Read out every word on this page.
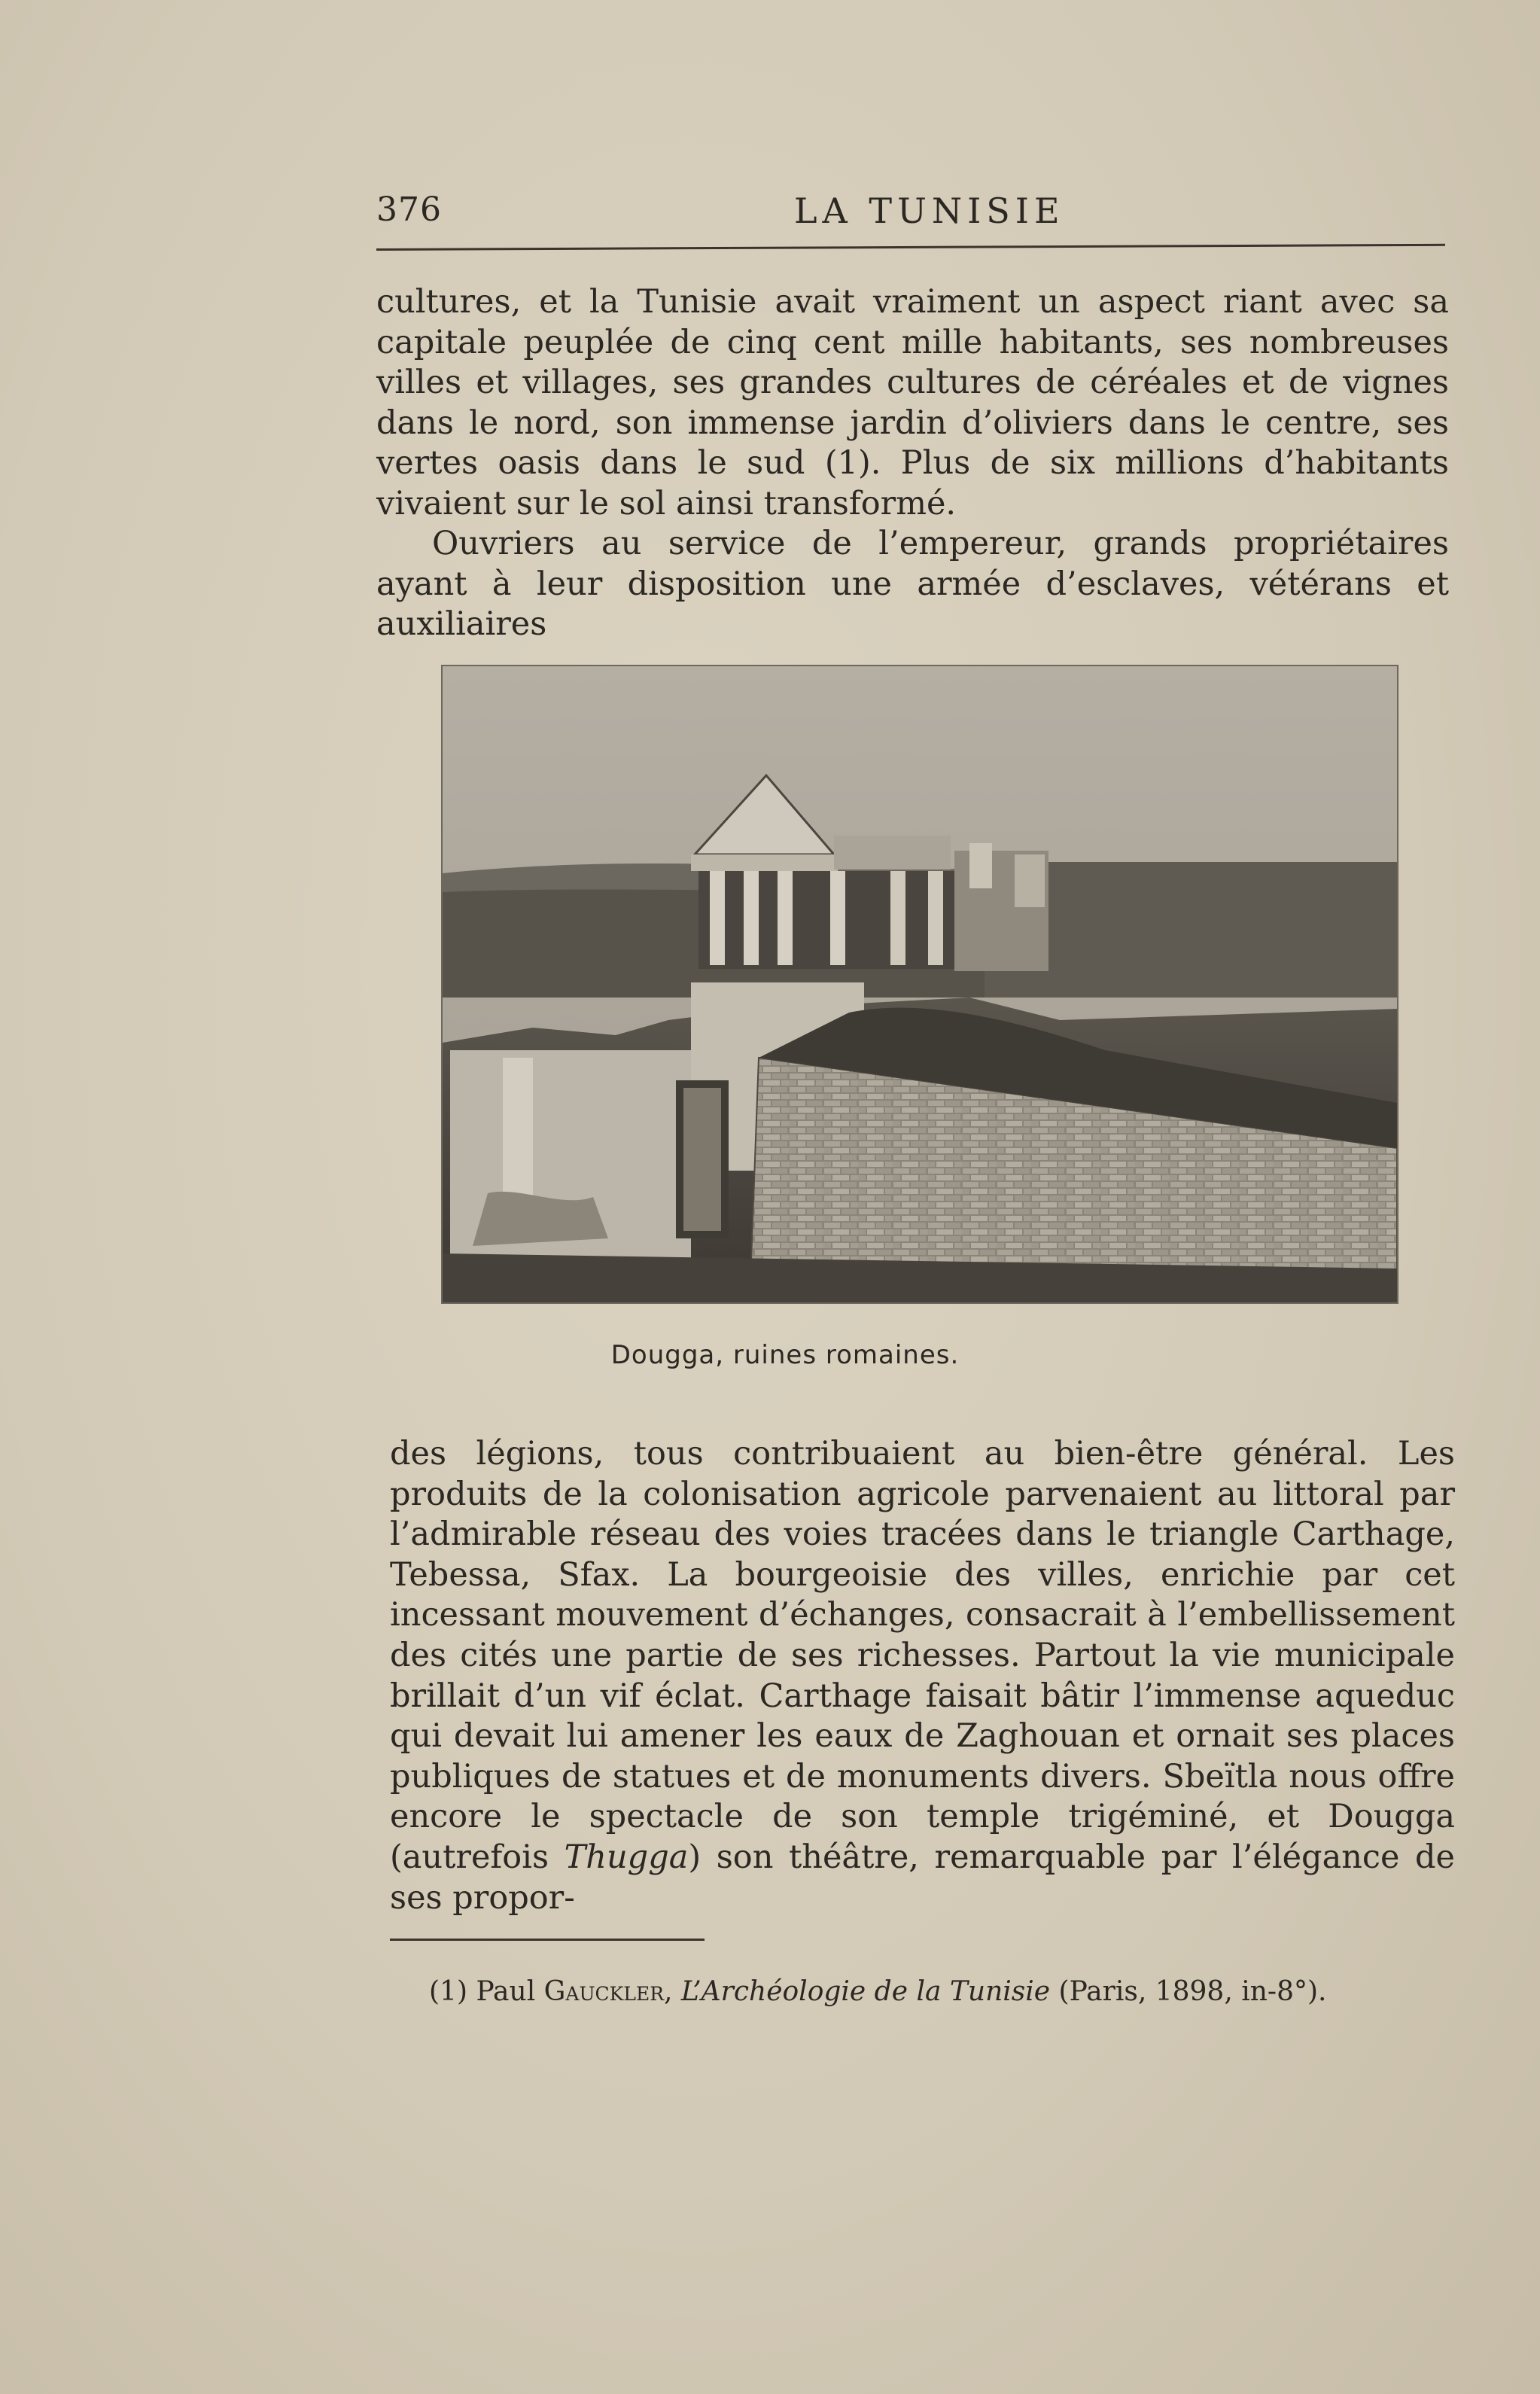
376	LA TUNISIE

cultures, et la Tunisie avait vraiment un aspect riant avec sa capitale peuplée de cinq cent mille habitants, ses nombreuses villes et villages, ses grandes cultures de céréales et de vignes dans le nord, son immense jardin d’oliviers dans le centre, ses vertes oasis dans le sud (1). Plus de six millions d’habitants vivaient sur le sol ainsi transformé.

Ouvriers au service de l’empereur, grands propriétaires ayant à leur disposition une armée d’esclaves, vétérans et auxiliaires

Dougga, ruines romaines.

des légions, tous contribuaient au bien-être général. Les produits de la colonisation agricole parvenaient au littoral par l’admirable réseau des voies tracées dans le triangle Carthage, Tebessa, Sfax. La bourgeoisie des villes, enrichie par cet incessant mouvement d’échanges, consacrait à l’embellissement des cités une partie de ses richesses. Partout la vie municipale brillait d’un vif éclat. Carthage faisait bâtir l’immense aqueduc qui devait lui amener les eaux de Zaghouan et ornait ses places publiques de statues et de monuments divers. Sbeïtla nous offre encore le spectacle de son temple trigéminé, et Dougga (autrefois Thugga) son théâtre, remarquable par l’élégance de ses propor-

(1) Paul Gauckler, L’Archéologie de la Tunisie (Paris, 1898, in-8°).
